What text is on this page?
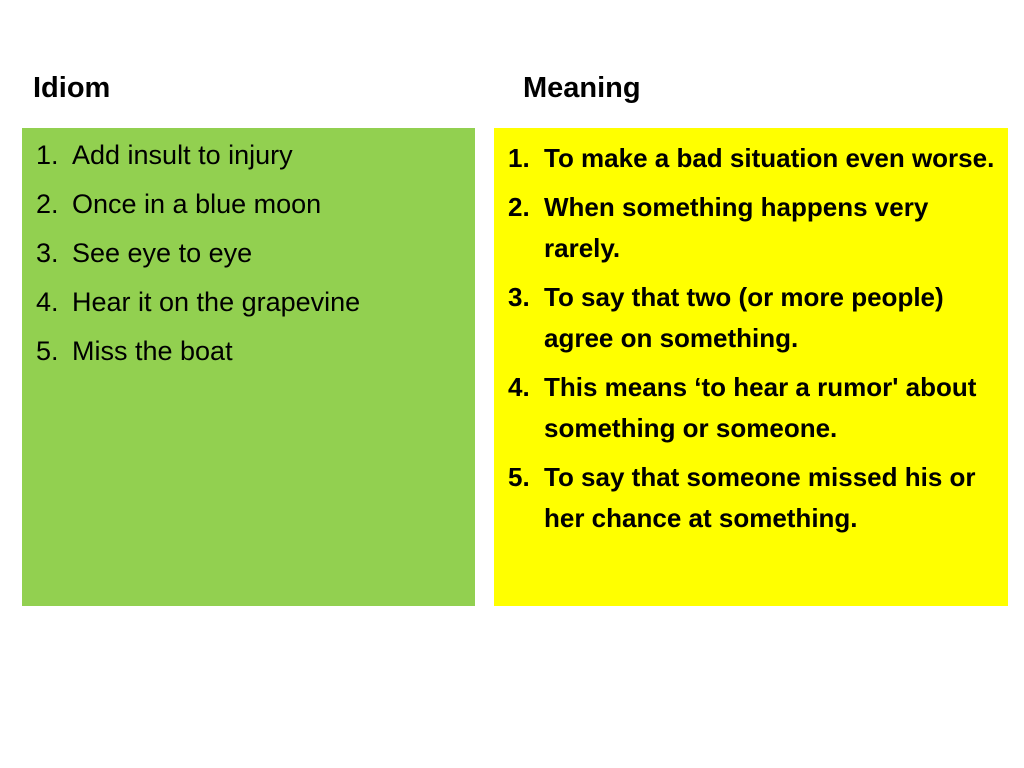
Idiom	Meaning
1. Add insult to injury
2. Once in a blue moon
3. See eye to eye
4. Hear it on the grapevine
5. Miss the boat
1. To make a bad situation even worse.
2. When something happens very rarely.
3. To say that two (or more people) agree on something.
4. This means ‘to hear a rumor' about something or someone.
5. To say that someone missed his or her chance at something.
